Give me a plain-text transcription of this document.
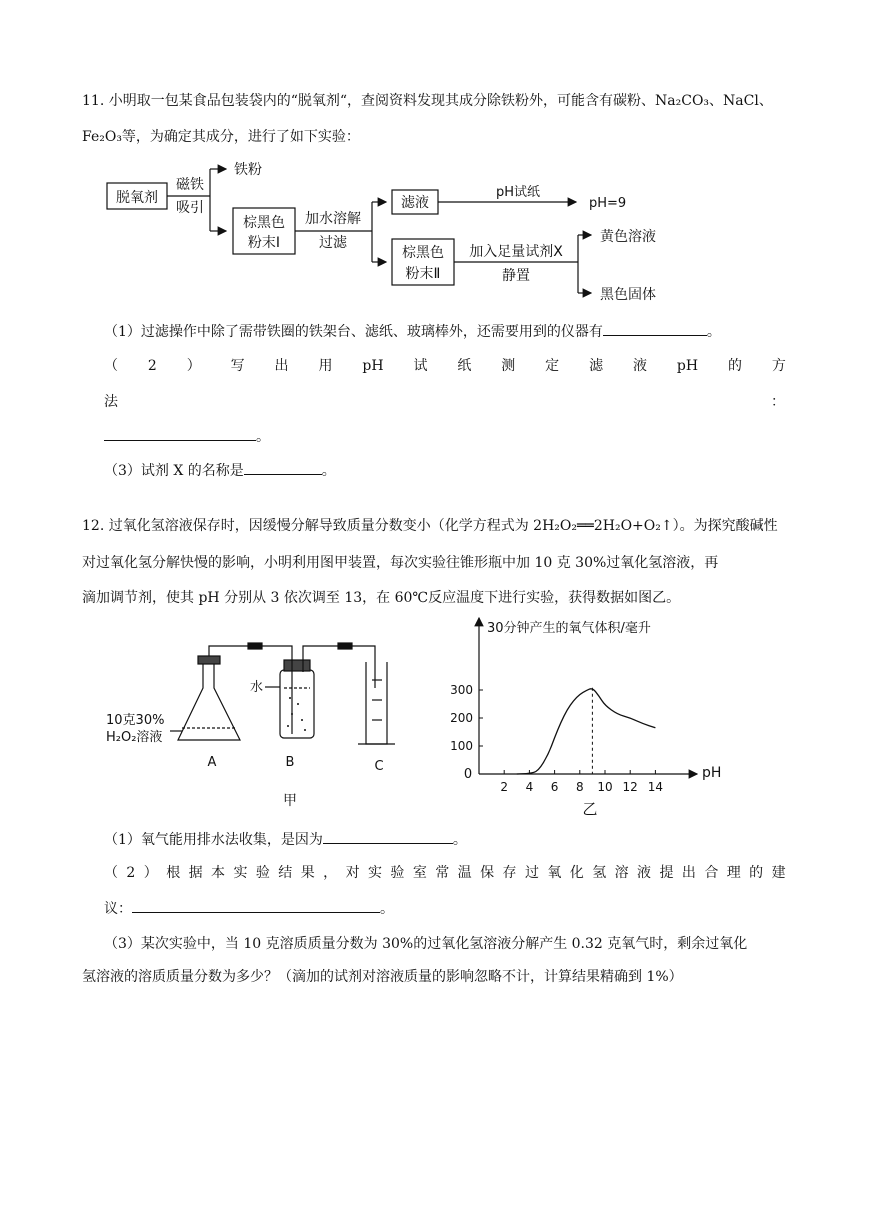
11. 小明取一包某食品包装袋内的“脱氧剂“，查阅资料发现其成分除铁粉外，可能含有碳粉、Na₂CO₃、NaCl、
Fe₂O₃等，为确定其成分，进行了如下实验：
脱氧剂
磁铁
吸引
铁粉
棕黑色
粉末Ⅰ
加水溶解
过滤
滤液
pH试纸
pH=9
棕黑色
粉末Ⅱ
加入足量试剂X
静置
黄色溶液
黑色固体
（1）过滤操作中除了需带铁圈的铁架台、滤纸、玻璃棒外，还需要用到的仪器有	。
（ 2 ） 写 出 用 pH 试 纸 测 定 滤 液 pH 的 方
法	：
。
（3）试剂 X 的名称是	。
12. 过氧化氢溶液保存时，因缓慢分解导致质量分数变小（化学方程式为 2H₂O₂══2H₂O+O₂↑）。为探究酸碱性
对过氧化氢分解快慢的影响，小明利用图甲装置，每次实验往锥形瓶中加 10 克 30%过氧化氢溶液，再
滴加调节剂，使其 pH 分别从 3 依次调至 13，在 60℃反应温度下进行实验，获得数据如图乙。
水
10克30%
H₂O₂溶液
A	B	C
甲
30分钟产生的氧气体积/毫升
pH
0
乙
2 4 6 8 10 12 14
100
200
300
（1）氧气能用排水法收集，是因为	。
（ 2 ） 根 据 本 实 验 结 果 ， 对 实 验 室 常 温 保 存 过 氧 化 氢 溶 液 提 出 合 理 的 建
议：	。
（3）某次实验中，当 10 克溶质质量分数为 30%的过氧化氢溶液分解产生 0.32 克氧气时，剩余过氧化
氢溶液的溶质质量分数为多少？（滴加的试剂对溶液质量的影响忽略不计，计算结果精确到 1%）
